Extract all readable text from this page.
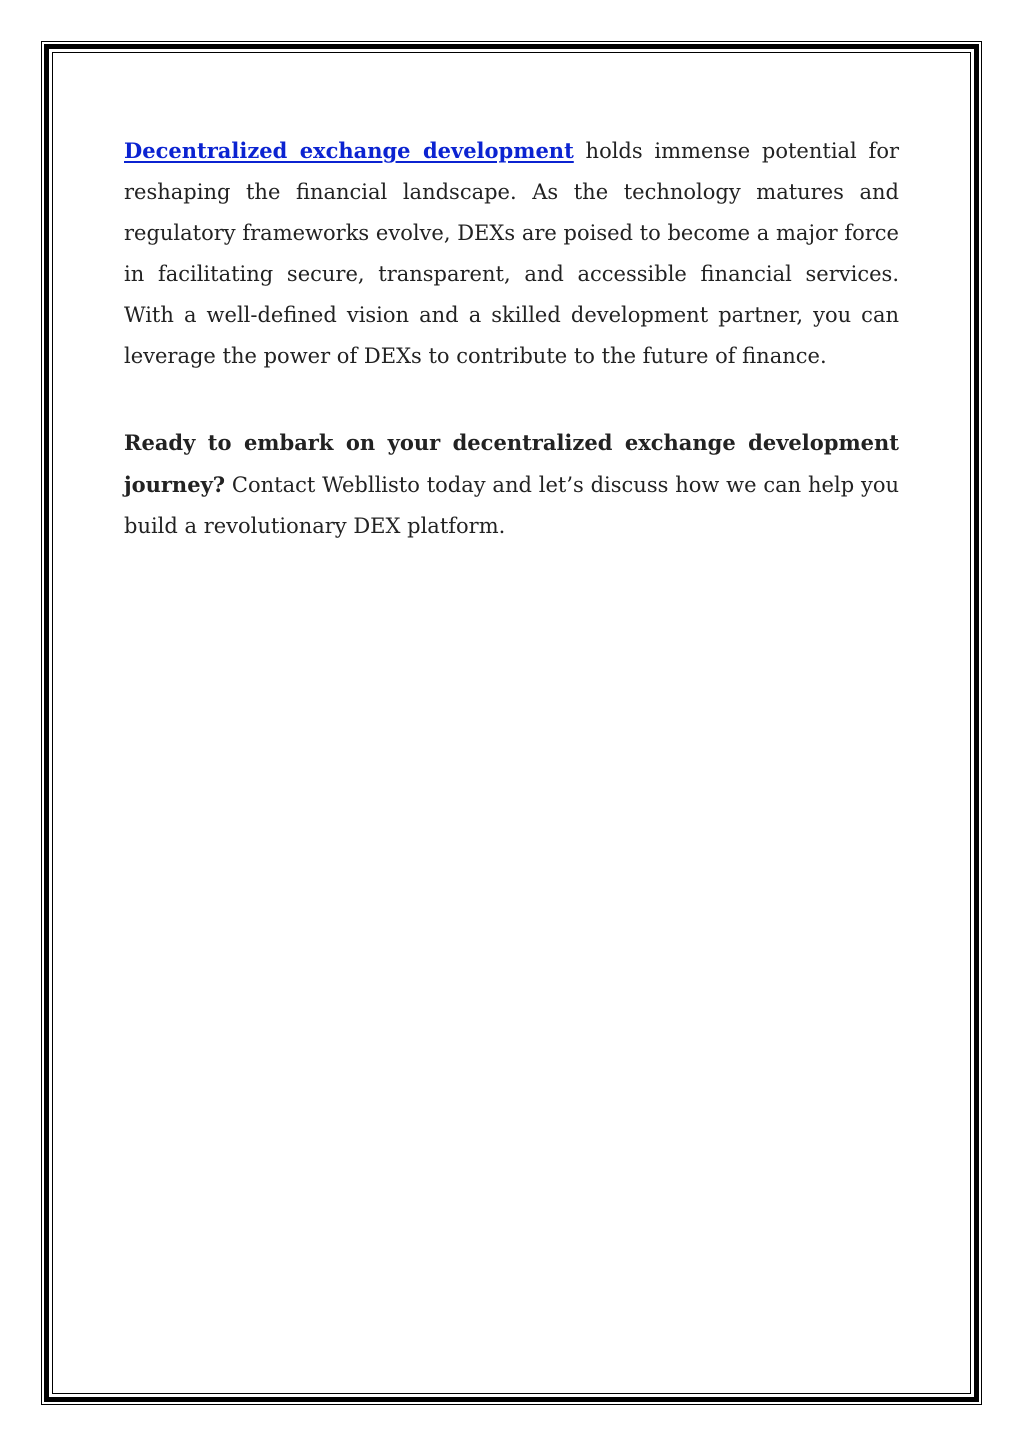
Decentralized exchange development holds immense potential for reshaping the financial landscape. As the technology matures and regulatory frameworks evolve, DEXs are poised to become a major force in facilitating secure, transparent, and accessible financial services. With a well-defined vision and a skilled development partner, you can leverage the power of DEXs to contribute to the future of finance.

Ready to embark on your decentralized exchange development journey? Contact Webllisto today and let’s discuss how we can help you build a revolutionary DEX platform.
